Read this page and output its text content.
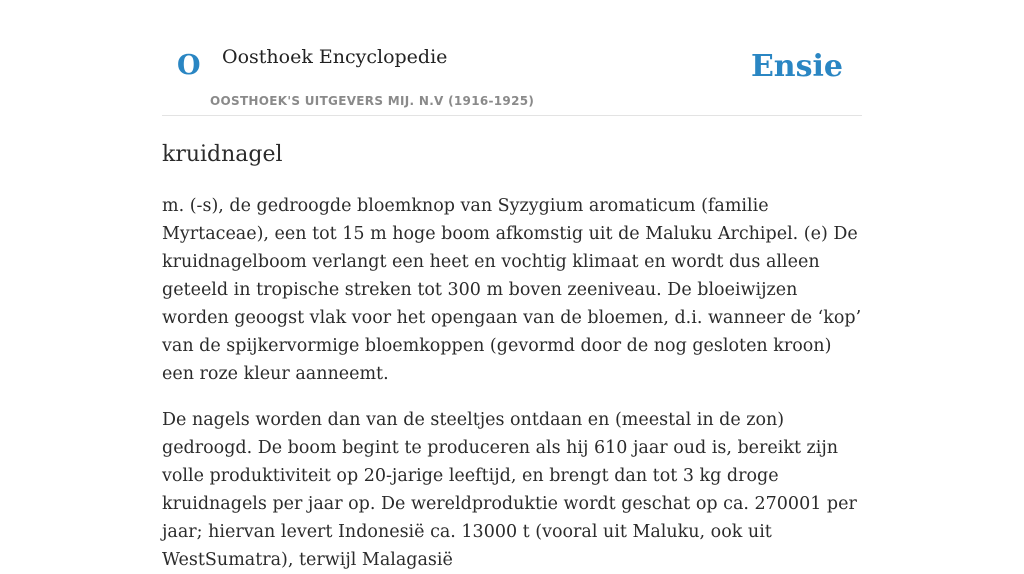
O Oosthoek Encyclopedie
OOSTHOEK'S UITGEVERS MIJ. N.V (1916-1925)
Ensie
kruidnagel

m. (-s), de gedroogde bloemknop van Syzygium aromaticum (familie Myrtaceae), een tot 15 m hoge boom afkomstig uit de Maluku Archipel. (e) De kruidnagelboom verlangt een heet en vochtig klimaat en wordt dus alleen geteeld in tropische streken tot 300 m boven zeeniveau. De bloeiwijzen worden geoogst vlak voor het opengaan van de bloemen, d.i. wanneer de ‘kop’ van de spijkervormige bloemkoppen (gevormd door de nog gesloten kroon) een roze kleur aanneemt.

De nagels worden dan van de steeltjes ontdaan en (meestal in de zon) gedroogd. De boom begint te produceren als hij 610 jaar oud is, bereikt zijn volle produktiviteit op 20-jarige leeftijd, en brengt dan tot 3 kg droge kruidnagels per jaar op. De wereldproduktie wordt geschat op ca. 270001 per jaar; hiervan levert Indonesië ca. 13000 t (vooral uit Maluku, ook uit WestSumatra), terwijl Malagasië
